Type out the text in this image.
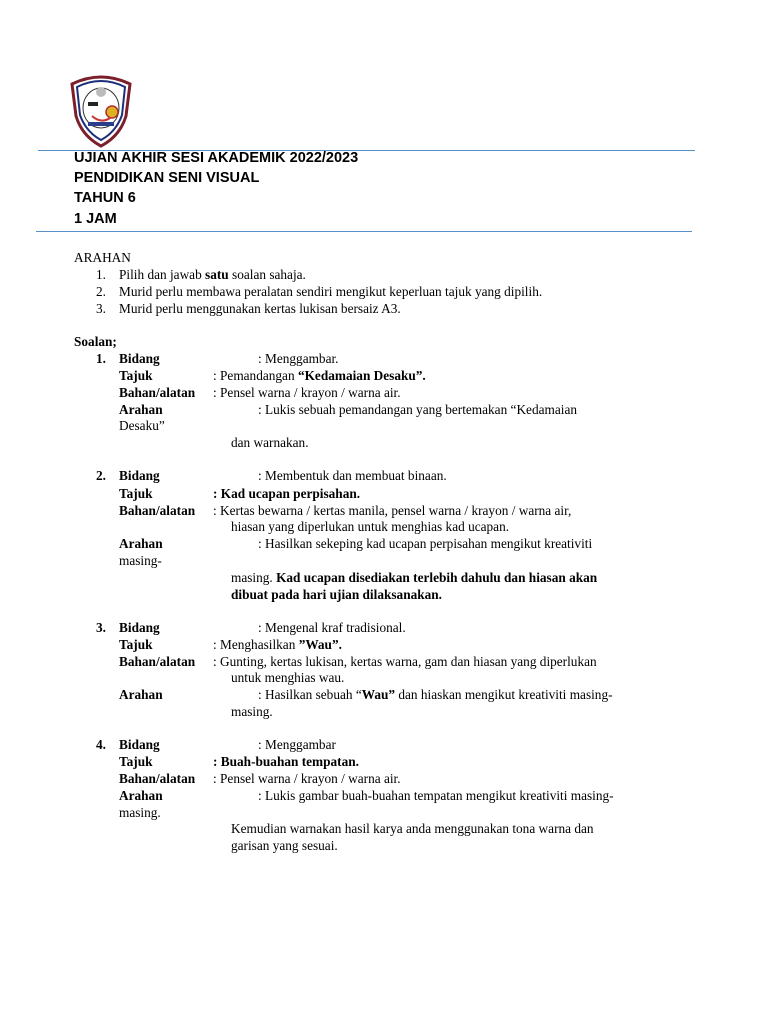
UJIAN AKHIR SESI AKADEMIK 2022/2023
PENDIDIKAN SENI VISUAL
TAHUN 6
1 JAM
ARAHAN
1. Pilih dan jawab satu soalan sahaja.
2. Murid perlu membawa peralatan sendiri mengikut keperluan tajuk yang dipilih.
3. Murid perlu menggunakan kertas lukisan bersaiz A3.
Soalan;
1. Bidang	: Menggambar.
Tajuk	: Pemandangan “Kedamaian Desaku”.
Bahan/alatan : Pensel warna / krayon / warna air.
Arahan	: Lukis sebuah pemandangan yang bertemakan “Kedamaian
Desaku”
dan warnakan.
2. Bidang	: Membentuk dan membuat binaan.
Tajuk	: Kad ucapan perpisahan.
Bahan/alatan : Kertas bewarna / kertas manila, pensel warna / krayon / warna air,
hiasan yang diperlukan untuk menghias kad ucapan.
Arahan	: Hasilkan sekeping kad ucapan perpisahan mengikut kreativiti
masing-
masing. Kad ucapan disediakan terlebih dahulu dan hiasan akan
dibuat pada hari ujian dilaksanakan.
3. Bidang	: Mengenal kraf tradisional.
Tajuk	: Menghasilkan ”Wau”.
Bahan/alatan : Gunting, kertas lukisan, kertas warna, gam dan hiasan yang diperlukan
untuk menghias wau.
Arahan	: Hasilkan sebuah “Wau” dan hiaskan mengikut kreativiti masing-
masing.
4. Bidang	: Menggambar
Tajuk	: Buah-buahan tempatan.
Bahan/alatan : Pensel warna / krayon / warna air.
Arahan	: Lukis gambar buah-buahan tempatan mengikut kreativiti masing-
masing.
Kemudian warnakan hasil karya anda menggunakan tona warna dan
garisan yang sesuai.
